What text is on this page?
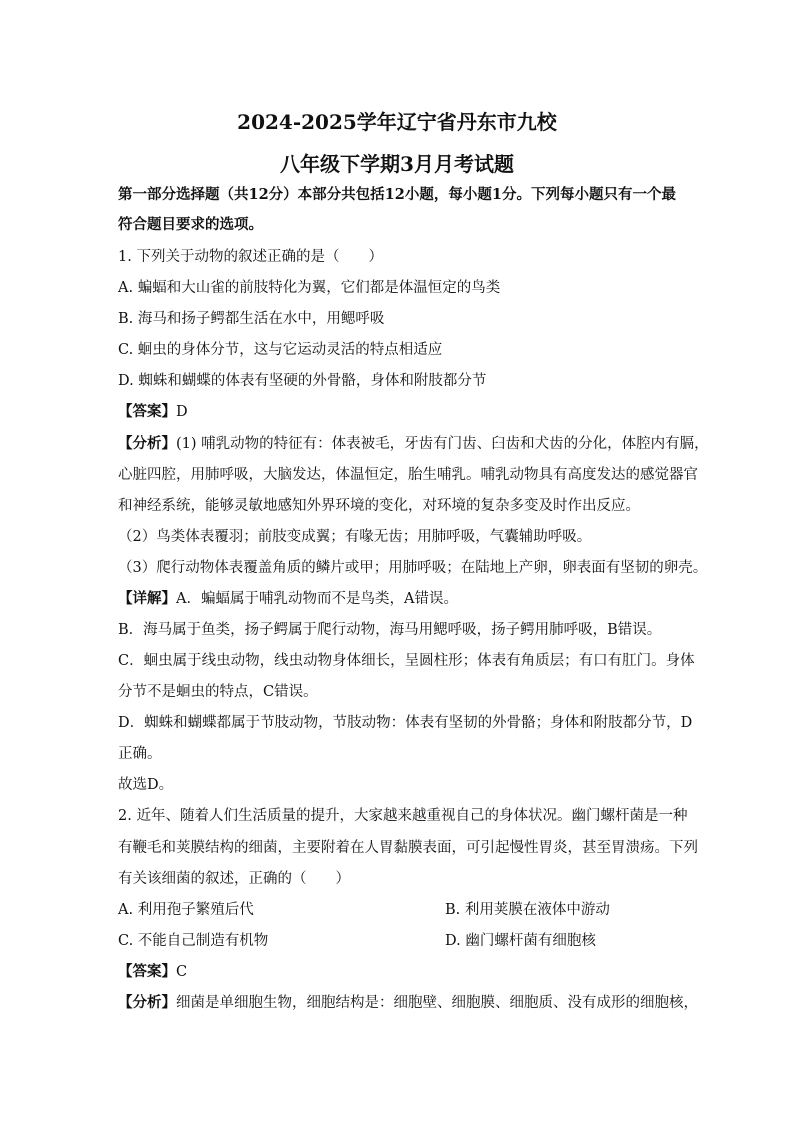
2024-2025学年辽宁省丹东市九校
八年级下学期3月月考试题
第一部分选择题（共12分）本部分共包括12小题，每小题1分。下列每小题只有一个最
符合题目要求的选项。
1. 下列关于动物的叙述正确的是（　　）
A. 蝙蝠和大山雀的前肢特化为翼，它们都是体温恒定的鸟类
B. 海马和扬子鳄都生活在水中，用鳃呼吸
C. 蛔虫的身体分节，这与它运动灵活的特点相适应
D. 蜘蛛和蝴蝶的体表有坚硬的外骨骼，身体和附肢都分节
【答案】D
【分析】(1) 哺乳动物的特征有：体表被毛，牙齿有门齿、臼齿和犬齿的分化，体腔内有膈，
心脏四腔，用肺呼吸，大脑发达，体温恒定，胎生哺乳。哺乳动物具有高度发达的感觉器官
和神经系统，能够灵敏地感知外界环境的变化，对环境的复杂多变及时作出反应。
（2）鸟类体表覆羽；前肢变成翼；有喙无齿；用肺呼吸，气囊辅助呼吸。
（3）爬行动物体表覆盖角质的鳞片或甲；用肺呼吸；在陆地上产卵，卵表面有坚韧的卵壳。
【详解】A．蝙蝠属于哺乳动物而不是鸟类，A错误。
B．海马属于鱼类，扬子鳄属于爬行动物，海马用鳃呼吸，扬子鳄用肺呼吸，B错误。
C．蛔虫属于线虫动物，线虫动物身体细长，呈圆柱形；体表有角质层；有口有肛门。身体
分节不是蛔虫的特点，C错误。
D．蜘蛛和蝴蝶都属于节肢动物，节肢动物：体表有坚韧的外骨骼；身体和附肢都分节，D
正确。
故选D。
2. 近年、随着人们生活质量的提升，大家越来越重视自己的身体状况。幽门螺杆菌是一种
有鞭毛和荚膜结构的细菌，主要附着在人胃黏膜表面，可引起慢性胃炎，甚至胃溃疡。下列
有关该细菌的叙述，正确的（　　）
A. 利用孢子繁殖后代	B. 利用荚膜在液体中游动
C. 不能自己制造有机物	D. 幽门螺杆菌有细胞核
【答案】C
【分析】细菌是单细胞生物，细胞结构是：细胞壁、细胞膜、细胞质、没有成形的细胞核，
